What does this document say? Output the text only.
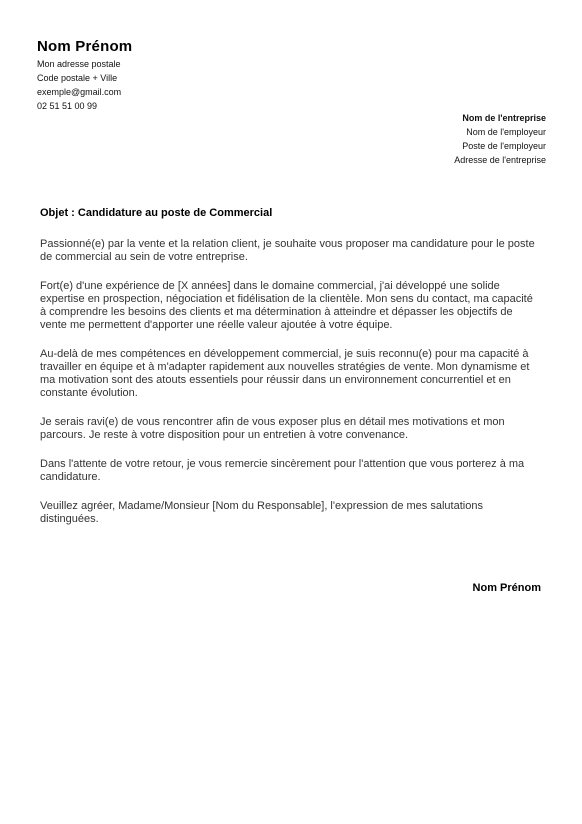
Nom Prénom
Mon adresse postale
Code postale + Ville
exemple@gmail.com
02 51 51 00 99
Nom de l'entreprise
Nom de l'employeur
Poste de l'employeur
Adresse de l'entreprise
Objet : Candidature au poste de Commercial

Passionné(e) par la vente et la relation client, je souhaite vous proposer ma candidature pour le poste de commercial au sein de votre entreprise.

Fort(e) d'une expérience de [X années] dans le domaine commercial, j'ai développé une solide expertise en prospection, négociation et fidélisation de la clientèle. Mon sens du contact, ma capacité à comprendre les besoins des clients et ma détermination à atteindre et dépasser les objectifs de vente me permettent d'apporter une réelle valeur ajoutée à votre équipe.

Au-delà de mes compétences en développement commercial, je suis reconnu(e) pour ma capacité à travailler en équipe et à m'adapter rapidement aux nouvelles stratégies de vente. Mon dynamisme et ma motivation sont des atouts essentiels pour réussir dans un environnement concurrentiel et en constante évolution.

Je serais ravi(e) de vous rencontrer afin de vous exposer plus en détail mes motivations et mon parcours. Je reste à votre disposition pour un entretien à votre convenance.

Dans l'attente de votre retour, je vous remercie sincèrement pour l'attention que vous porterez à ma candidature.

Veuillez agréer, Madame/Monsieur [Nom du Responsable], l'expression de mes salutations distinguées.

Nom Prénom
